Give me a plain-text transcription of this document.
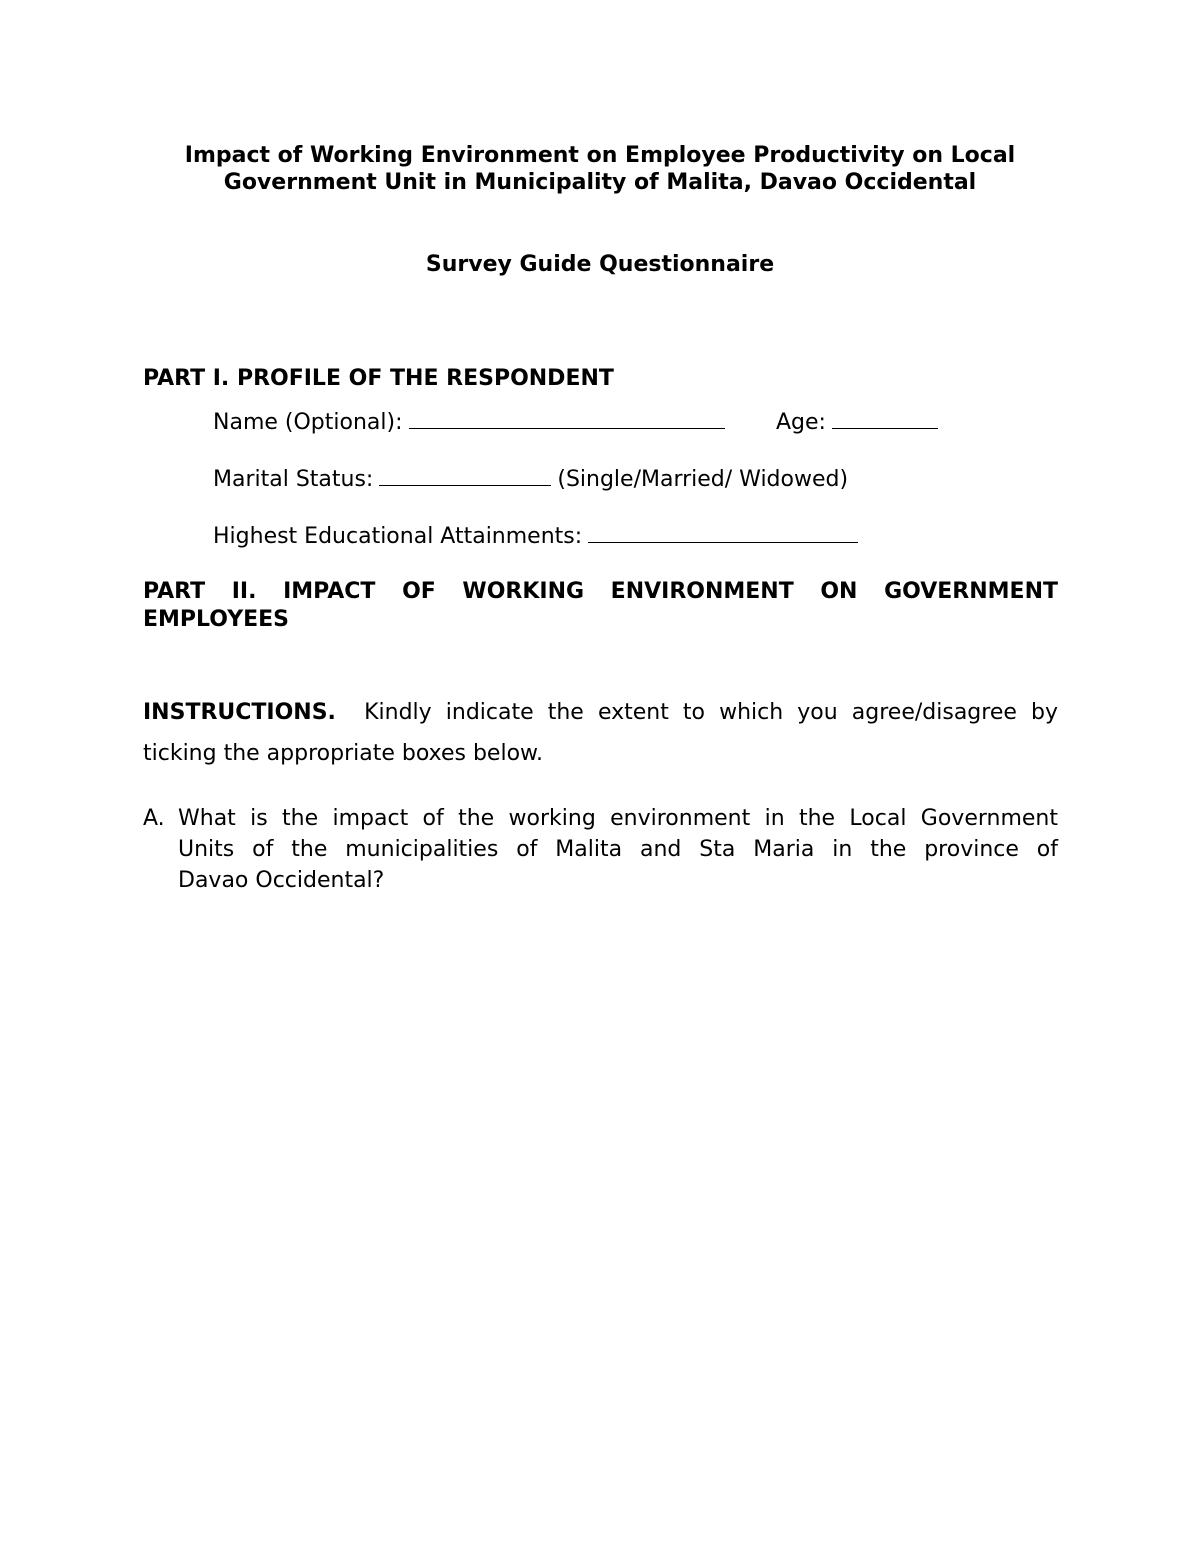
Impact of Working Environment on Employee Productivity on Local
Government Unit in Municipality of Malita, Davao Occidental
Survey Guide Questionnaire
PART I. PROFILE OF THE RESPONDENT
Name (Optional):	Age:
Marital Status:	(Single/Married/ Widowed)
Highest Educational Attainments:
PART II. IMPACT OF WORKING ENVIRONMENT ON GOVERNMENT
EMPLOYEES
INSTRUCTIONS. Kindly indicate the extent to which you agree/disagree by
ticking the appropriate boxes below.
A. What is the impact of the working environment in the Local Government
Units of the municipalities of Malita and Sta Maria in the province of
Davao Occidental?
